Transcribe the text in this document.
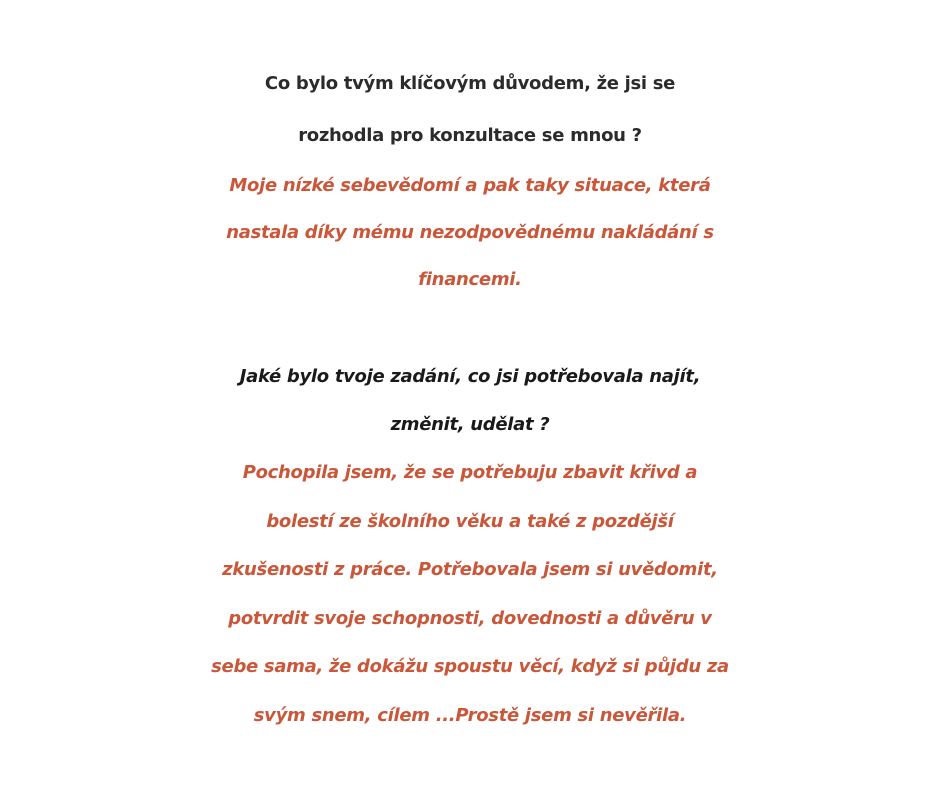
Co bylo tvým klíčovým důvodem, že jsi se
rozhodla pro konzultace se mnou ?
Moje nízké sebevědomí a pak taky situace, která
nastala díky mému nezodpovědnému nakládání s
financemi.
Jaké bylo tvoje zadání, co jsi potřebovala najít,
změnit, udělat ?
Pochopila jsem, že se potřebuju zbavit křivd a
bolestí ze školního věku a také z pozdější
zkušenosti z práce. Potřebovala jsem si uvědomit,
potvrdit svoje schopnosti, dovednosti a důvěru v
sebe sama, že dokážu spoustu věcí, když si půjdu za
svým snem, cílem ...Prostě jsem si nevěřila.
